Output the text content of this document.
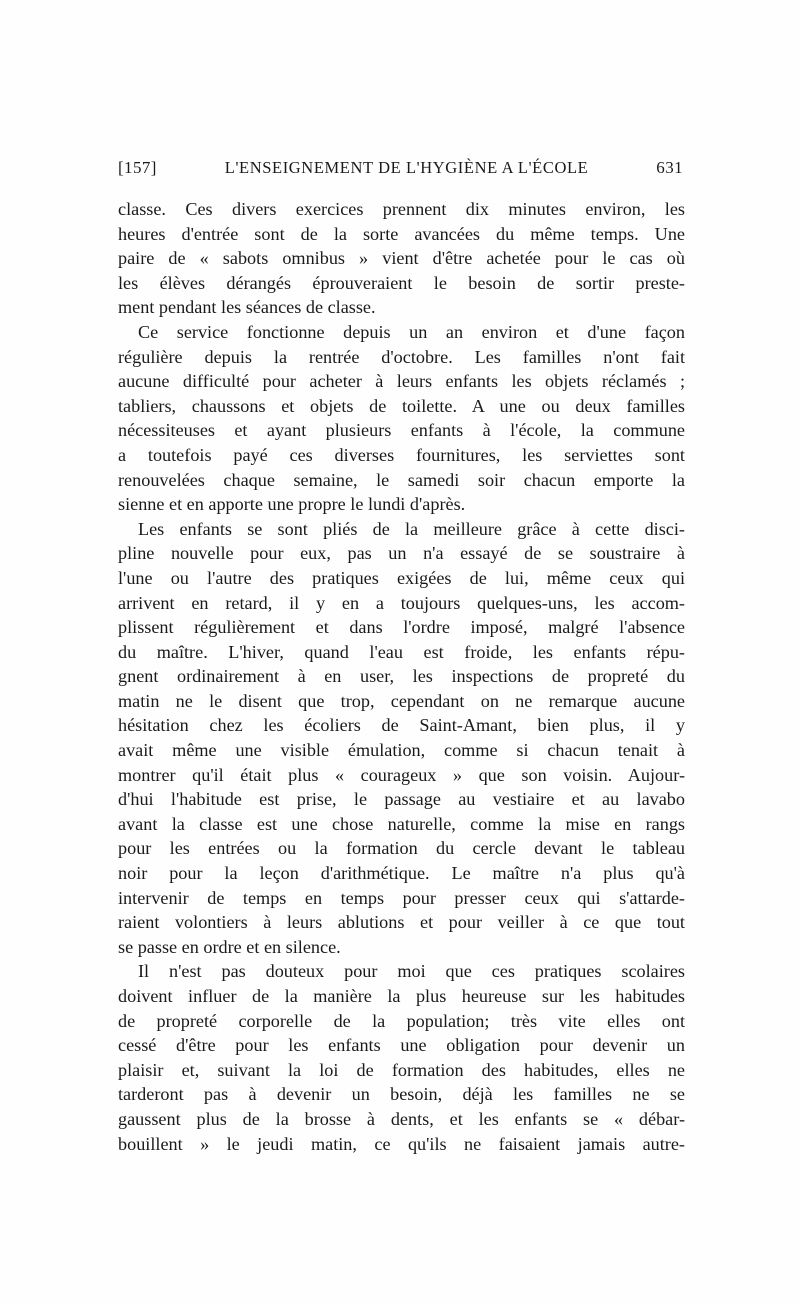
[157]	L'ENSEIGNEMENT DE L'HYGIÈNE A L'ÉCOLE	631
classe. Ces divers exercices prennent dix minutes environ, les
heures d'entrée sont de la sorte avancées du même temps. Une
paire de « sabots omnibus » vient d'être achetée pour le cas où
les élèves dérangés éprouveraient le besoin de sortir preste-
ment pendant les séances de classe.
Ce service fonctionne depuis un an environ et d'une façon
régulière depuis la rentrée d'octobre. Les familles n'ont fait
aucune difficulté pour acheter à leurs enfants les objets réclamés ;
tabliers, chaussons et objets de toilette. A une ou deux familles
nécessiteuses et ayant plusieurs enfants à l'école, la commune
a toutefois payé ces diverses fournitures, les serviettes sont
renouvelées chaque semaine, le samedi soir chacun emporte la
sienne et en apporte une propre le lundi d'après.
Les enfants se sont pliés de la meilleure grâce à cette disci-
pline nouvelle pour eux, pas un n'a essayé de se soustraire à
l'une ou l'autre des pratiques exigées de lui, même ceux qui
arrivent en retard, il y en a toujours quelques-uns, les accom-
plissent régulièrement et dans l'ordre imposé, malgré l'absence
du maître. L'hiver, quand l'eau est froide, les enfants répu-
gnent ordinairement à en user, les inspections de propreté du
matin ne le disent que trop, cependant on ne remarque aucune
hésitation chez les écoliers de Saint-Amant, bien plus, il y
avait même une visible émulation, comme si chacun tenait à
montrer qu'il était plus « courageux » que son voisin. Aujour-
d'hui l'habitude est prise, le passage au vestiaire et au lavabo
avant la classe est une chose naturelle, comme la mise en rangs
pour les entrées ou la formation du cercle devant le tableau
noir pour la leçon d'arithmétique. Le maître n'a plus qu'à
intervenir de temps en temps pour presser ceux qui s'attarde-
raient volontiers à leurs ablutions et pour veiller à ce que tout
se passe en ordre et en silence.
Il n'est pas douteux pour moi que ces pratiques scolaires
doivent influer de la manière la plus heureuse sur les habitudes
de propreté corporelle de la population; très vite elles ont
cessé d'être pour les enfants une obligation pour devenir un
plaisir et, suivant la loi de formation des habitudes, elles ne
tarderont pas à devenir un besoin, déjà les familles ne se
gaussent plus de la brosse à dents, et les enfants se « débar-
bouillent » le jeudi matin, ce qu'ils ne faisaient jamais autre-
